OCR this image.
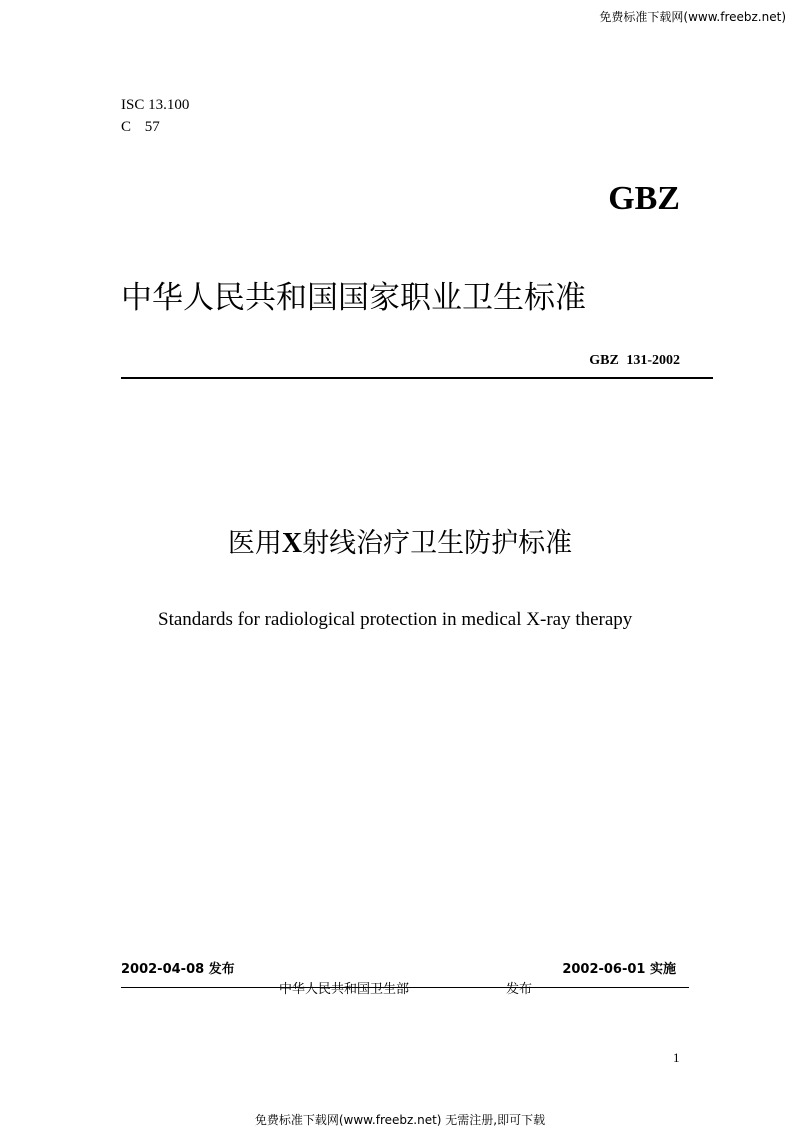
免费标准下载网(www.freebz.net)
ISC 13.100
C 57
GBZ
中华人民共和国国家职业卫生标准
GBZ 131-2002
医用X射线治疗卫生防护标准
Standards for radiological protection in medical X-ray therapy
2002-04-08 发布	2002-06-01 实施
中华人民共和国卫生部	发布
1
免费标准下载网(www.freebz.net) 无需注册,即可下载
